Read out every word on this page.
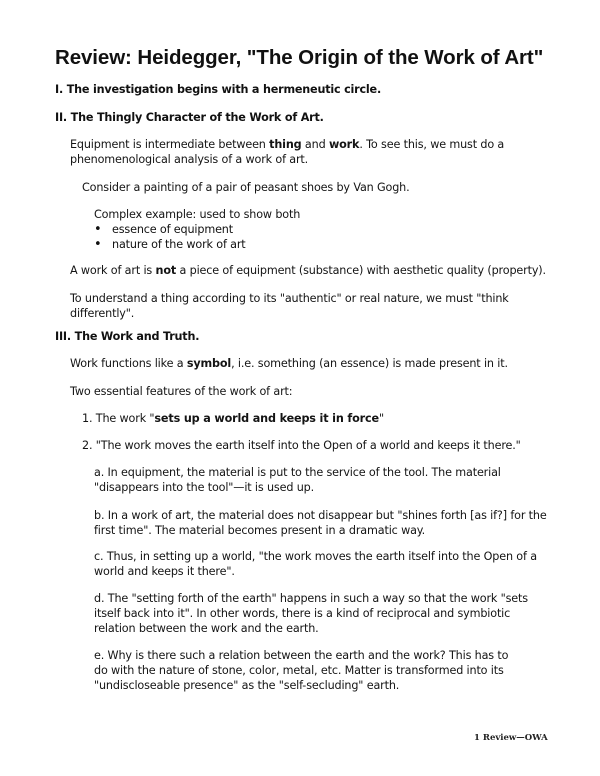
Review: Heidegger, "The Origin of the Work of Art"

I. The investigation begins with a hermeneutic circle.

II. The Thingly Character of the Work of Art.

Equipment is intermediate between thing and work. To see this, we must do a phenomenological analysis of a work of art.

Consider a painting of a pair of peasant shoes by Van Gogh.

Complex example: used to show both

• essence of equipment
• nature of the work of art

A work of art is not a piece of equipment (substance) with aesthetic quality (property).

To understand a thing according to its "authentic" or real nature, we must "think differently".

III. The Work and Truth.

Work functions like a symbol, i.e. something (an essence) is made present in it.

Two essential features of the work of art:

1. The work "sets up a world and keeps it in force"

2. "The work moves the earth itself into the Open of a world and keeps it there."

a. In equipment, the material is put to the service of the tool. The material "disappears into the tool"—it is used up.

b. In a work of art, the material does not disappear but "shines forth [as if?] for the first time". The material becomes present in a dramatic way.

c. Thus, in setting up a world, "the work moves the earth itself into the Open of a world and keeps it there".

d. The "setting forth of the earth" happens in such a way so that the work "sets itself back into it". In other words, there is a kind of reciprocal and symbiotic relation between the work and the earth.

e. Why is there such a relation between the earth and the work? This has to do with the nature of stone, color, metal, etc. Matter is transformed into its "undiscloseable presence" as the "self-secluding" earth.

1 Review—OWA
